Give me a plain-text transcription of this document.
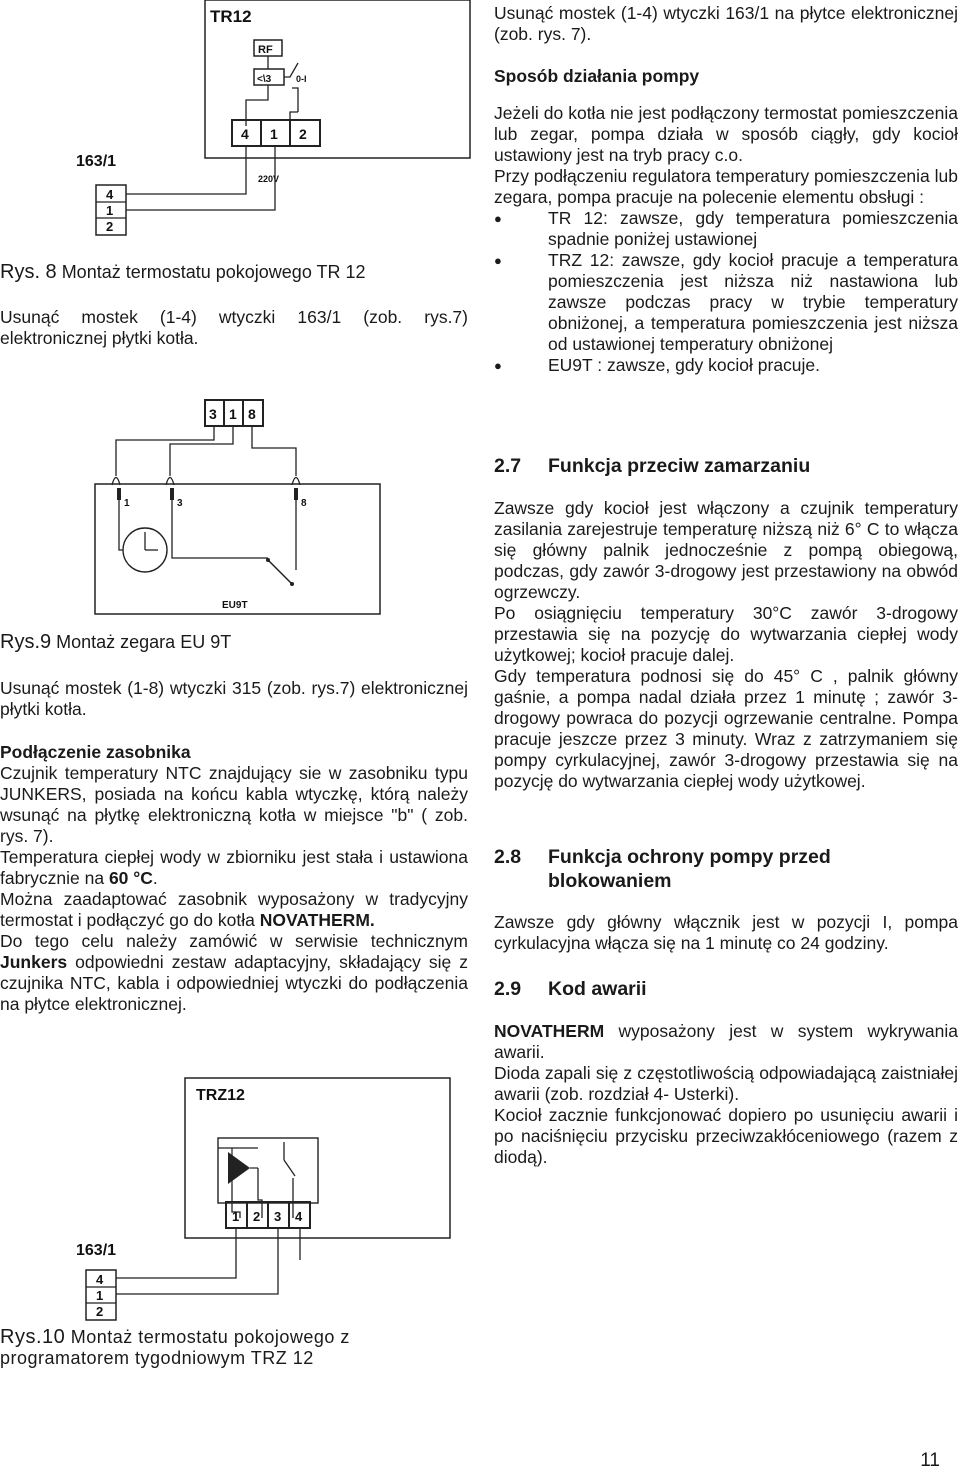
TR12
RF
<\3	0-I
4 1 2
220V
163/1
4
1
2
Rys. 8 Montaż termostatu pokojowego TR 12

Usunąć mostek (1-4) wtyczki 163/1 (zob. rys.7) elektronicznej płytki kotła.

3 1 8
1	3	8
EU9T
Rys.9 Montaż zegara EU 9T

Usunąć mostek (1-8) wtyczki 315 (zob. rys.7) elektronicznej płytki kotła.

Podłączenie zasobnika

Czujnik temperatury NTC znajdujący sie w zasobniku typu JUNKERS, posiada na końcu kabla wtyczkę, którą należy wsunąć na płytkę elektroniczną kotła w miejsce "b" ( zob. rys. 7).

Temperatura ciepłej wody w zbiorniku jest stała i ustawiona fabrycznie na 60 °C.

Można zaadaptować zasobnik wyposażony w tradycyjny termostat i podłączyć go do kotła NOVATHERM.

Do tego celu należy zamówić w serwisie technicznym Junkers odpowiedni zestaw adaptacyjny, składający się z czujnika NTC, kabla i odpowiedniej wtyczki do podłączenia na płytce elektronicznej.

TRZ12
1 2 3 4
163/1
4
1
2
Rys.10 Montaż termostatu pokojowego z programatorem tygodniowym TRZ 12

Usunąć mostek (1-4) wtyczki 163/1 na płytce elektronicznej (zob. rys. 7).

Sposób działania pompy

Jeżeli do kotła nie jest podłączony termostat pomieszczenia lub zegar, pompa działa w sposób ciągły, gdy kocioł ustawiony jest na tryb pracy c.o.

Przy podłączeniu regulatora temperatury pomieszczenia lub zegara, pompa pracuje na polecenie elementu obsługi :

● TR 12: zawsze, gdy temperatura pomieszczenia spadnie poniżej ustawionej
● TRZ 12: zawsze, gdy kocioł pracuje a temperatura pomieszczenia jest niższa niż nastawiona lub zawsze podczas pracy w trybie temperatury obniżonej, a temperatura pomieszczenia jest niższa od ustawionej temperatury obniżonej
● EU9T : zawsze, gdy kocioł pracuje.
2.7 Funkcja przeciw zamarzaniu

Zawsze gdy kocioł jest włączony a czujnik temperatury zasilania zarejestruje temperaturę niższą niż 6° C to włącza się główny palnik jednocześnie z pompą obiegową, podczas, gdy zawór 3-drogowy jest przestawiony na obwód ogrzewczy.

Po osiągnięciu temperatury 30°C zawór 3-drogowy przestawia się na pozycję do wytwarzania ciepłej wody użytkowej; kocioł pracuje dalej.

Gdy temperatura podnosi się do 45° C , palnik główny gaśnie, a pompa nadal działa przez 1 minutę ; zawór 3-drogowy powraca do pozycji ogrzewanie centralne. Pompa pracuje jeszcze przez 3 minuty. Wraz z zatrzymaniem się pompy cyrkulacyjnej, zawór 3-drogowy przestawia się na pozycję do wytwarzania ciepłej wody użytkowej.

2.8 Funkcja ochrony pompy przed blokowaniem

Zawsze gdy główny włącznik jest w pozycji I, pompa cyrkulacyjna włącza się na 1 minutę co 24 godziny.

2.9 Kod awarii

NOVATHERM wyposażony jest w system wykrywania awarii.

Dioda zapali się z częstotliwością odpowiadającą zaistniałej awarii (zob. rozdział 4- Usterki).

Kocioł zacznie funkcjonować dopiero po usunięciu awarii i po naciśnięciu przycisku przeciwzakłóceniowego (razem z diodą).

11
